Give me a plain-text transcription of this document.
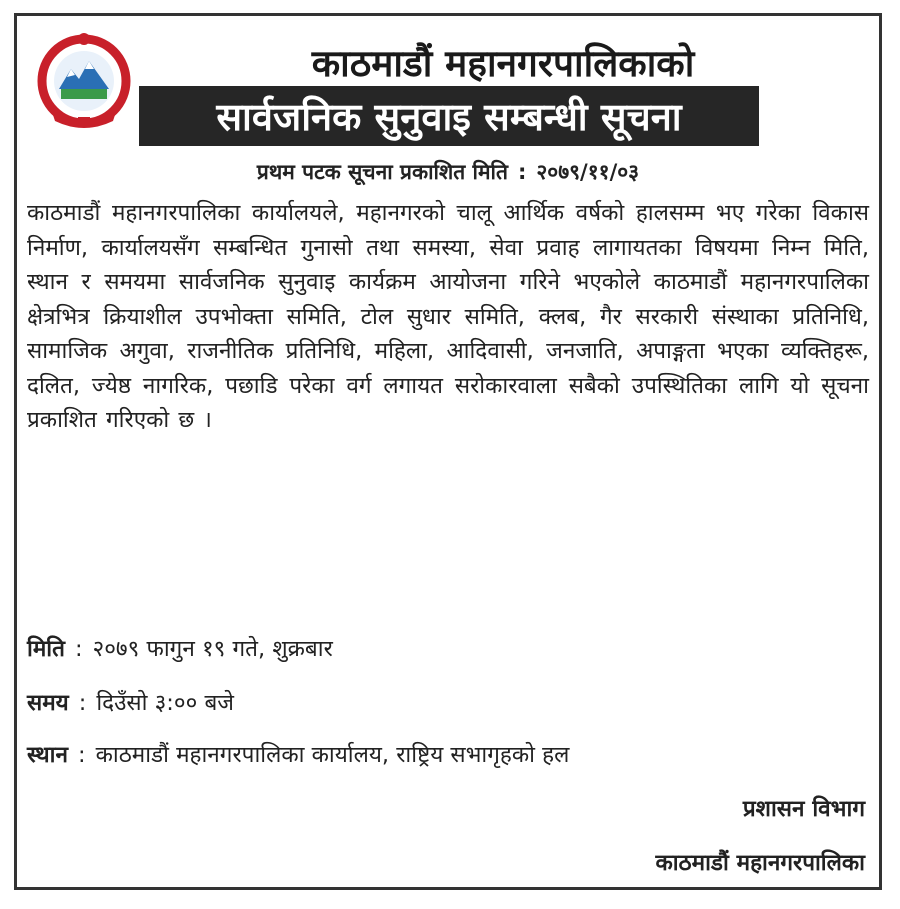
काठमाडौं महानगरपालिकाको
सार्वजनिक सुनुवाइ सम्बन्धी सूचना
प्रथम पटक सूचना प्रकाशित मिति : २०७९/११/०३
काठमाडौं महानगरपालिका कार्यालयले, महानगरको चालू आर्थिक वर्षको हालसम्म भए गरेका विकास निर्माण, कार्यालयसँग सम्बन्धित गुनासो तथा समस्या, सेवा प्रवाह लागायतका विषयमा निम्न मिति, स्थान र समयमा सार्वजनिक सुनुवाइ कार्यक्रम आयोजना गरिने भएकोले काठमाडौं महानगरपालिका क्षेत्रभित्र क्रियाशील उपभोक्ता समिति, टोल सुधार समिति, क्लब, गैर सरकारी संस्थाका प्रतिनिधि, सामाजिक अगुवा, राजनीतिक प्रतिनिधि, महिला, आदिवासी, जनजाति, अपाङ्गता भएका व्यक्तिहरू, दलित, ज्येष्ठ नागरिक, पछाडि परेका वर्ग लगायत सरोकारवाला सबैको उपस्थितिका लागि यो सूचना प्रकाशित गरिएको छ ।
मिति : २०७९ फागुन १९ गते, शुक्रबार
समय : दिउँसो ३:०० बजे
स्थान : काठमाडौं महानगरपालिका कार्यालय, राष्ट्रिय सभागृहको हल
प्रशासन विभाग
काठमाडौं महानगरपालिका
